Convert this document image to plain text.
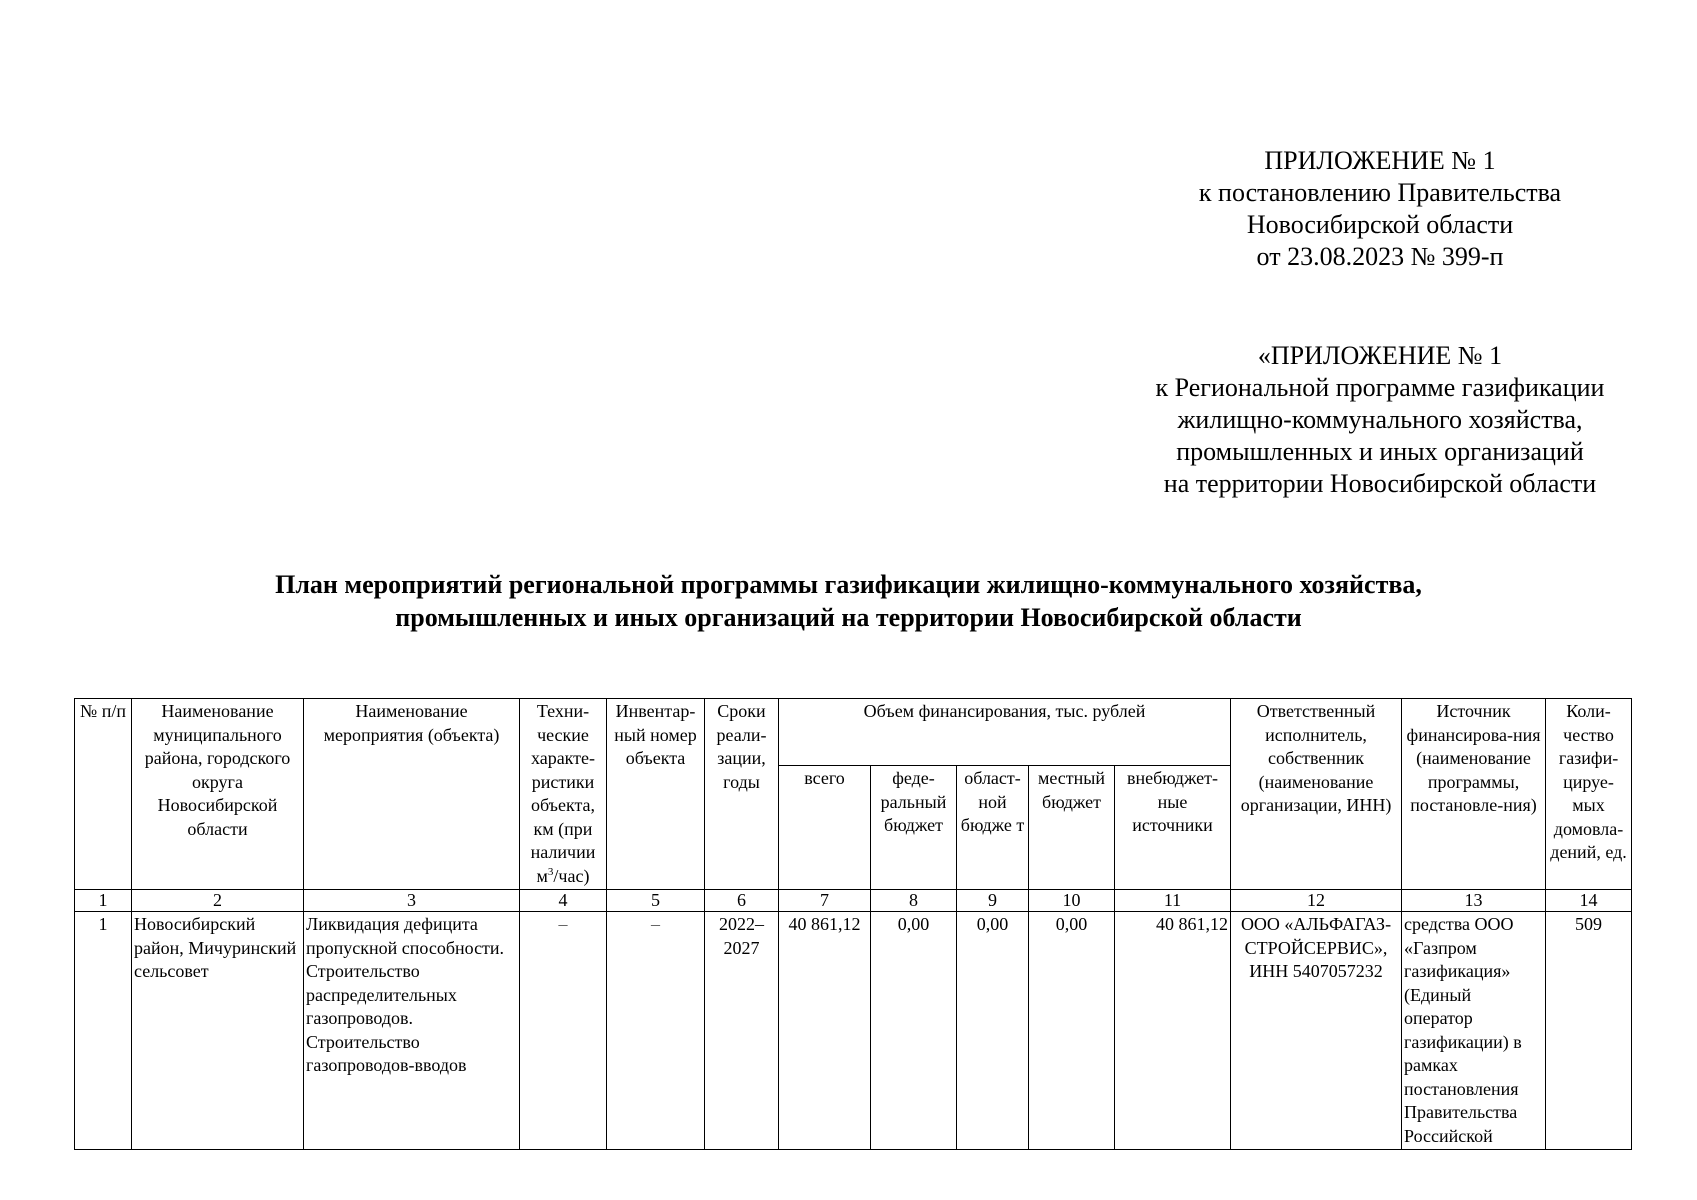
ПРИЛОЖЕНИЕ № 1
к постановлению Правительства
Новосибирской области
от 23.08.2023 № 399-п
«ПРИЛОЖЕНИЕ № 1
к Региональной программе газификации
жилищно-коммунального хозяйства,
промышленных и иных организаций
на территории Новосибирской области
План мероприятий региональной программы газификации жилищно-коммунального хозяйства,
промышленных и иных организаций на территории Новосибирской области
№ п/п	Наименование муниципального района, городского округа Новосибирской области	Наименование мероприятия (объекта)	Техни-ческие характе-ристики объекта, км (при наличии $м^3/час$)	Инвентар-ный номер объекта	Сроки реали-зации, годы	Объем финансирования, тыс. рублей					Ответственный исполнитель, собственник (наименование организации, ИНН)	Источник финансирова-ния (наименование программы, постановле-ния)	Коли-чество газифи-цируе-мых домовла-дений, ед.
						всего	феде-ральный бюджет	област-ной бюдже т	местный бюджет	внебюджет-ные источники			
1	2	3	4	5	6	7	8	9	10	11	12	13	14
1	Новосибирский район, Мичуринский сельсовет	Ликвидация дефицита пропускной способности. Строительство распределительных газопроводов. Строительство газопроводов-вводов	–	–	2022–2027	40 861,12	0,00	0,00	0,00	40 861,12	ООО «АЛЬФАГАЗ-СТРОЙСЕРВИС», ИНН 5407057232	средства ООО «Газпром газификация» (Единый оператор газификации) в рамках постановления Правительства Российской	509
